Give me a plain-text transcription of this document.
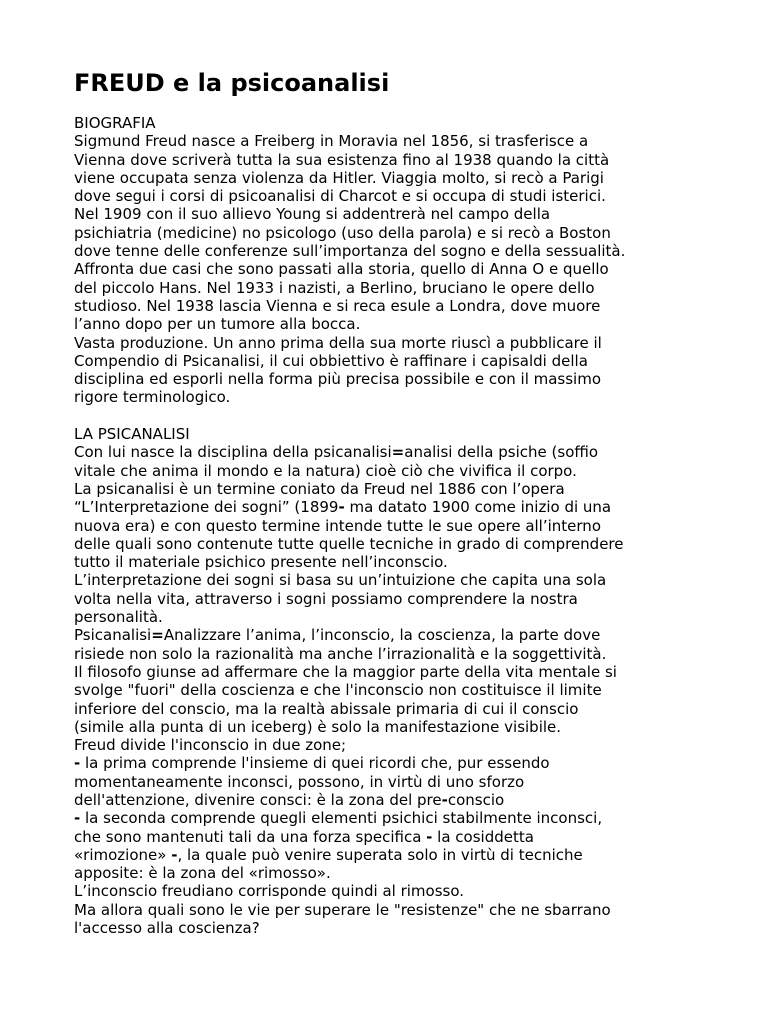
FREUD e la psicoanalisi

BIOGRAFIA

Sigmund Freud nasce a Freiberg in Moravia nel 1856, si trasferisce a

Vienna dove scriverà tutta la sua esistenza fino al 1938 quando la città

viene occupata senza violenza da Hitler. Viaggia molto, si recò a Parigi

dove segui i corsi di psicoanalisi di Charcot e si occupa di studi isterici.

Nel 1909 con il suo allievo Young si addentrerà nel campo della

psichiatria (medicine) no psicologo (uso della parola) e si recò a Boston

dove tenne delle conferenze sull’importanza del sogno e della sessualità.

Affronta due casi che sono passati alla storia, quello di Anna O e quello

del piccolo Hans. Nel 1933 i nazisti, a Berlino, bruciano le opere dello

studioso. Nel 1938 lascia Vienna e si reca esule a Londra, dove muore

l’anno dopo per un tumore alla bocca.

Vasta produzione. Un anno prima della sua morte riuscì a pubblicare il

Compendio di Psicanalisi, il cui obbiettivo è raffinare i capisaldi della

disciplina ed esporli nella forma più precisa possibile e con il massimo

rigore terminologico.

LA PSICANALISI

Con lui nasce la disciplina della psicanalisi=analisi della psiche (soffio

vitale che anima il mondo e la natura) cioè ciò che vivifica il corpo.

La psicanalisi è un termine coniato da Freud nel 1886 con l’opera

“L’Interpretazione dei sogni” (1899- ma datato 1900 come inizio di una

nuova era) e con questo termine intende tutte le sue opere all’interno

delle quali sono contenute tutte quelle tecniche in grado di comprendere

tutto il materiale psichico presente nell’inconscio.

L’interpretazione dei sogni si basa su un’intuizione che capita una sola

volta nella vita, attraverso i sogni possiamo comprendere la nostra

personalità.

Psicanalisi=Analizzare l’anima, l’inconscio, la coscienza, la parte dove

risiede non solo la razionalità ma anche l’irrazionalità e la soggettività.

Il filosofo giunse ad affermare che la maggior parte della vita mentale si

svolge "fuori" della coscienza e che l'inconscio non costituisce il limite

inferiore del conscio, ma la realtà abissale primaria di cui il conscio

(simile alla punta di un iceberg) è solo la manifestazione visibile.

Freud divide l'inconscio in due zone;

- la prima comprende l'insieme di quei ricordi che, pur essendo

momentaneamente inconsci, possono, in virtù di uno sforzo

dell'attenzione, divenire consci: è la zona del pre-conscio

- la seconda comprende quegli elementi psichici stabilmente inconsci,

che sono mantenuti tali da una forza specifica - la cosiddetta

«rimozione» -, la quale può venire superata solo in virtù di tecniche

apposite: è la zona del «rimosso».

L’inconscio freudiano corrisponde quindi al rimosso.

Ma allora quali sono le vie per superare le "resistenze" che ne sbarrano

l'accesso alla coscienza?
